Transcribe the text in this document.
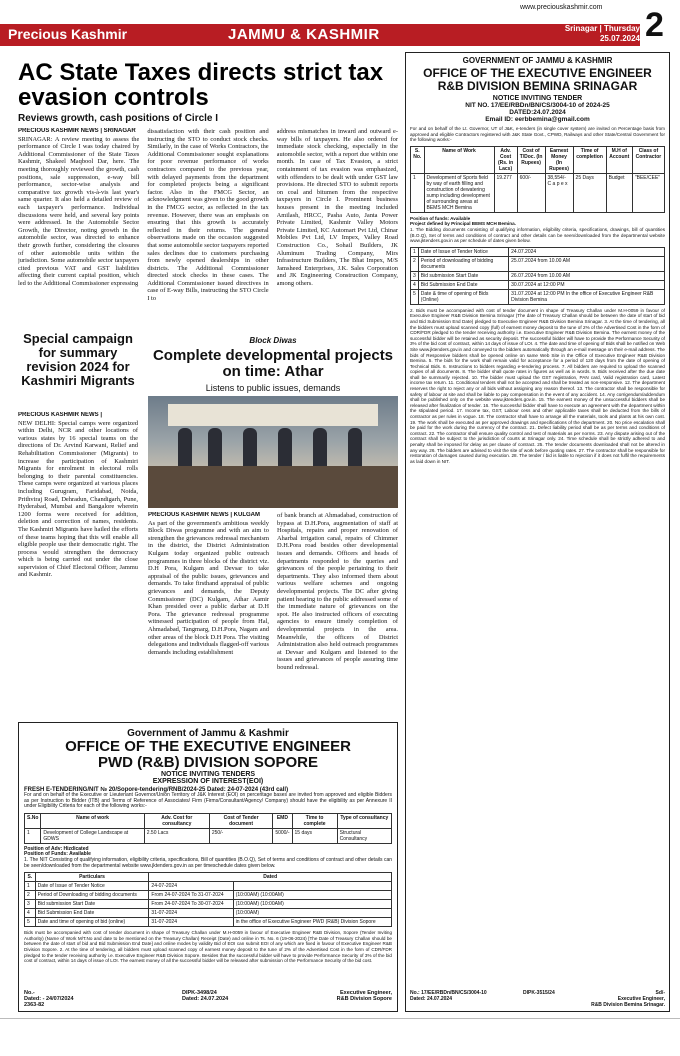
Precious Kashmir	JAMMU & KASHMIR
www.preciouskashmir.com
Srinagar | Thursday
25.07.2024 2
AC State Taxes directs strict tax evasion controls
Reviews growth, cash positions of Circle I
PRECIOUS KASHMIR NEWS | SRINAGAR
SRINAGAR: A review meeting to assess the performance of Circle I was today chaired by Additional Commissioner of the State Taxes Kashmir, Shakeel Maqbool Dar, here. The meeting thoroughly reviewed the growth, cash positions, sale suppression, e-way bill performance, sector-wise analysis and comparative tax growth vis-à-vis last year's same quarter. It also held a detailed review of each taxpayer's performance. Individual discussions were held, and several key points were addressed. In the Automobile Sector Growth, the Director, noting growth in the automobile sector, was directed to enhance their growth further, considering the closures of other automobile units within the jurisdiction. Some automobile sector taxpayers cited previous VAT and GST liabilities affecting their current capital position, which led to the Additional Commissioner expressing
dissatisfaction with their cash position and instructing the STO to conduct stock checks. Similarly, in the case of Works Contractors, the Additional Commissioner sought explanations for poor revenue performance of works contractors compared to the previous year, with delayed payments from the department for completed projects being a significant factor. Also in the FMCG Sector, an acknowledgment was given to the good growth in the FMCG sector, as reflected in the tax revenue. However, there was an emphasis on ensuring that this growth is accurately reflected in their returns. The general observations made on the occasion suggested that some automobile sector taxpayers reported sales declines due to customers purchasing from newly opened dealerships in other districts. The Additional Commissioner directed stock checks in these cases. The Additional Commissioner issued directives in case of E-way Bills, instructing the STO Circle I to
address mismatches in inward and outward e-way bills of taxpayers. He also ordered for immediate stock checking, especially in the automobile sector, with a report due within one month. In case of Tax Evasion, a strict containment of tax evasion was emphasized, with offenders to be dealt with under GST law provisions. He directed STO to submit reports on coal and bitumen from the respective taxpayers in Circle I. Prominent business houses present in the meeting included Amilash, HRCC, Pasha Auto, Janta Power Private Limited, Kashmir Valley Motors Private Limited, KC Automart Pvt Ltd, Chinar Mobiles Pvt Ltd, LV Impex, Valley Road Construction Co., Sohail Builders, JK Aluminum Trading Company, Mirs Infrastructure Builders, The Bhat Impex, M/S Jamsheed Enterprises, J.K. Sales Corporation and JK Engineering Construction Company, among others.
Special campaign for summary revision 2024 for Kashmiri Migrants
PRECIOUS KASHMIR NEWS |
NEW DELHI: Special camps were organized within Delhi, NCR and other locations of various states by 16 special teams on the directions of Dr. Arvind Karwani, Relief and Rehabilitation Commissioner (Migrants) to increase the participation of Kashmiri Migrants for enrolment in electoral rolls belonging to their parental constituencies. These camps were organized at various places including Gurugram, Faridabad, Noida, Prithviraj Road, Dehradun, Chandigarh, Pune, Hyderabad, Mumbai and Bangalore wherein 1200 forms were received for addition, deletion and correction of names, residents. The Kashmiri Migrants have hailed the efforts of these teams hoping that this will enable all eligible people use their democratic right. The process would strengthen the democracy which is being carried out under the close supervision of Chief Electoral Officer, Jammu and Kashmir.
Block Diwas
Complete developmental projects on time: Athar
Listens to public issues, demands
PRECIOUS KASHMIR NEWS | KULGAM
As part of the government's ambitious weekly Block Diwas programme and with an aim to strengthen the grievances redressal mechanism in the district, the District Administration Kulgam today organized public outreach programmes in three blocks of the district viz. D.H Pora, Kulgam and Devsar to take appraisal of the public issues, grievances and demands. To take firsthand appraisal of public grievances and demands, the Deputy Commissioner (DC) Kulgam, Athar Aamir Khan presided over a public darbar at D.H Pora. The grievance redressal programme witnessed participation of people from Hal, Ahmadabad, Tangmarg, D.H.Pora, Nagam and other areas of the block D.H Pora. The visiting delegations and individuals flagged-off various demands including establishment
of bank branch at Ahmadabad, construction of bypass at D.H.Pora, augmentation of staff at Hospitals, repairs and proper renovation of Aharbal irrigation canal, repairs of Chimmer D.H.Pora road besides other developmental issues and demands. Officers and heads of departments responded to the queries and grievances of the people pertaining to their departments. They also informed them about various welfare schemes and ongoing developmental projects. The DC after giving patient hearing to the public addressed some of the immediate nature of grievances on the spot. He also instructed officers of executing agencies to ensure timely completion of developmental projects in the area. Meanwhile, the officers of District Administration also held outreach programmes at Devsar and Kulgam and listened to the issues and grievances of people assuring time bound redressal.
GOVERNMENT OF JAMMU & KASHMIR
OFFICE OF THE EXECUTIVE ENGINEER
R&B DIVISION BEMINA SRINAGAR
NOTICE INVITING TENDER
NIT NO. 17/EE/RBDn/BN/CS/3004-10 of 2024-25
DATED:24.07.2024
Email ID: eerbbemina@gmail.com
For and on behalf of the Lt. Governor, UT of J&K, e-tenders (in single cover system) are invited on Percentage basis from approved and eligible Contractors registered with J&K State Govt., CPWD, Railways and other State/Central Government for the following works:-
S. No.	Name of Work	Adv. Cost (Rs. in Lacs)	Cost of T/Doc. (In Rupees)	Earnest Money (In Rupees)	Time of completion	M.H of Account	Class of Contractor
1	Development of Sports field by way of earth filling and construction of dewatering sump including development of surrounding areas at BEMS MCH Bemina	19.277	600/-	38,554/- C a p e x	25 Days	Budget	"BEE/CEE"
Position of funds: Available
Project defined by Principal BEMS MCH Bemina.
1. The Bidding documents consisting of qualifying information, eligibility criteria, specifications, drawings, bill of quantities (B.O.Q), Set of terms and conditions of contract and other details can be seen/downloaded from the departmental website www.jktenders.gov.in as per schedule of dates given below.
1	Date of Issue of Tender Notice	24.07.2024
2	Period of downloading of bidding documents	25.07.2024 from 10.00 AM
3	Bid submission Start Date	26.07.2024 from 10.00 AM
4	Bid Submission End Date	30.07.2024 at 12:00 PM
5	Date & time of opening of Bids (Online)	31.07.2024 at 12:00 PM In the office of Executive Engineer R&B Division Bemina
2. Bids must be accompanied with cost of tender document in shape of Treasury Challan under M.H-0059 in favour of Executive Engineer R&B Division Bemina Srinagar (The date of Treasury Challan should be between the date of start of bid and Bid Submission End Date) pledged to Executive Engineer R&B Division Bemina Srinagar. 3. At the time of tendering, all the bidders must upload scanned copy (full) of earnest money deposit to the tune of 2% of the Advertised Cost in the form of CDR/FDR pledged to the tender receiving authority i.e. Executive Engineer R&B Division Bemina. The earnest money of the successful bidder will be retained as security deposit. The successful bidder will have to provide the Performance Security of 3% of the bid cost of contract, within 14 days of issue of LOI. 4. The date and time of opening of Bids shall be notified on Web Site www.jktenders.gov.in and conveyed to the bidders automatically through an e-mail message on their e-mail address. The bids of Responsive bidders shall be opened online on same Web Site in the Office of Executive Engineer R&B Division Bemina. 5. The bids for the work shall remain valid for acceptance for a period of 120 days from the date of opening of Technical Bids. 6. Instructions to bidders regarding e-tendering process. 7. All bidders are required to upload the scanned copies of all documents. 8. The bidder shall quote rates in figures as well as in words. 9. Bids received after the due date shall be summarily rejected. 10. The bidder must upload the GST registration, PAN card, Valid registration card, Latest income tax return. 11. Conditional tenders shall not be accepted and shall be treated as non-responsive. 12. The department reserves the right to reject any or all bids without assigning any reason thereof. 13. The contractor shall be responsible for safety of labour at site and shall be liable to pay compensation in the event of any accident. 14. Any corrigendum/addendum shall be published only on the website www.jktenders.gov.in. 15. The earnest money of the unsuccessful bidders shall be released after finalization of tender. 16. The successful bidder shall have to execute an agreement with the department within the stipulated period. 17. Income tax, GST, Labour cess and other applicable taxes shall be deducted from the bills of contractor as per rules in vogue. 18. The contractor shall have to arrange all the materials, tools and plants at his own cost. 19. The work shall be executed as per approved drawings and specifications of the department. 20. No price escalation shall be paid for the work during the currency of the contract. 21. Defect liability period shall be as per terms and conditions of contract. 22. The contractor shall ensure quality control and test of materials as per norms. 23. Any dispute arising out of the contract shall be subject to the jurisdiction of courts at Srinagar only. 24. Time schedule shall be strictly adhered to and penalty shall be imposed for delay as per clause of contract. 25. The tender documents downloaded shall not be altered in any way. 26. The bidders are advised to visit the site of work before quoting rates. 27. The contractor shall be responsible for restoration of damages caused during execution. 28. The tender / bid is liable to rejection if it does not fulfil the requirements as laid down in NIT.
No.: 17/EE/RBDn/BN/CS/3004-10
Dated: 24.07.2024
DIPK-3515/24	Sd/-
Executive Engineer,
R&B Division Bemina Srinagar.
Government of Jammu & Kashmir
OFFICE OF THE EXECUTIVE ENGINEER
PWD (R&B) DIVISION SOPORE
NOTICE INVITING TENDERS
EXPRESSION OF INTEREST(EOI)
FRESH E-TENDERING/NIT № 20/Sopore-tendering/RNB/2024-25 Dated: 24-07-2024 (43rd call)
For and on behalf of the Executive or Lieutenant Governor/Union Territory of J&K Interest (EOI) on percentage bases are invited from approved and eligible Bidders as per Instruction to Bidder (ITB) and Terms of Reference of Associates/ Firm (Firms/Consultant/Agency/ Company) should have the eligibility as per Annexure II under Eligibility Criteria for each of the following works:-
S.No	Name of work	Adv. Cost for consultancy	Cost of Tender document	EMD	Time to complete	Type of consultancy
1	Development of College Landscape at GDWS	2.50 Lacs	250/-	5000/-	15 days	Structural Consultancy
Position of Adv: Hizdicated
Position of Funds: Available
1. The NIT Consisting of qualifying information, eligibility criteria, specifications, Bill of quantities (B.O.Q), Set of terms and conditions of contract and other details can be seen/downloaded from the departmental website www.jktenders.gov.in as per timeschedule dates given below.
S.	Particulars	Dated	
1	Date of Issue of Tender Notice	24-07-2024	
2	Period of Downloading of bidding documents	From 24-07-2024 To 31-07-2024	(10:00AM) (10:00AM)
3	Bid submission Start Date	From 24-07-2024 To 30-07-2024	(10:00AM) (10:00AM)
4	Bid Submission End Date	31-07-2024	(10:00AM)
5	Date and time of opening of bid (online)	31-07-2024	in the office of Executive Engineer PWD (R&B) Division Sopore
Bids must be accompanied with cost of tender document in shape of Treasury Challan under M.H-0059 in favour of Executive Engineer R&B Division, Sopore (Tender Inviting Authority) (Name of Work M/T.No and date to be mentioned on the Treasury Challan) Receipt (Date) and online in Ts. No. 6 (19-06-2024) [The Date of Treasury Challan should be between the date of start of bid and Bid Submission End Date] and online modes by validity Bid of EOI can submit EOI of any which are fixed in favour of Executive Engineer R&B Division Sopore. 2. At the time of tendering, all bidders must upload scanned copy of earnest money deposit to the tune of 2% of the Advertised Cost in the form of CDR/FDR pledged to the tender receiving authority i.e. Executive Engineer R&B Division Sopore. Besides that the successful bidder will have to provide Performance Security of 3% of the bid cost of contract, within 14 days of issue of LOI. The earnest money of all the successful bidder will be released after submission of the Performance Security of the bid cost.
No.-
Dated: - 24/07/2024
2363-82
DIPK-3498/24
Dated: 24.07.2024
Executive Engineer,
R&B Division Sopore
